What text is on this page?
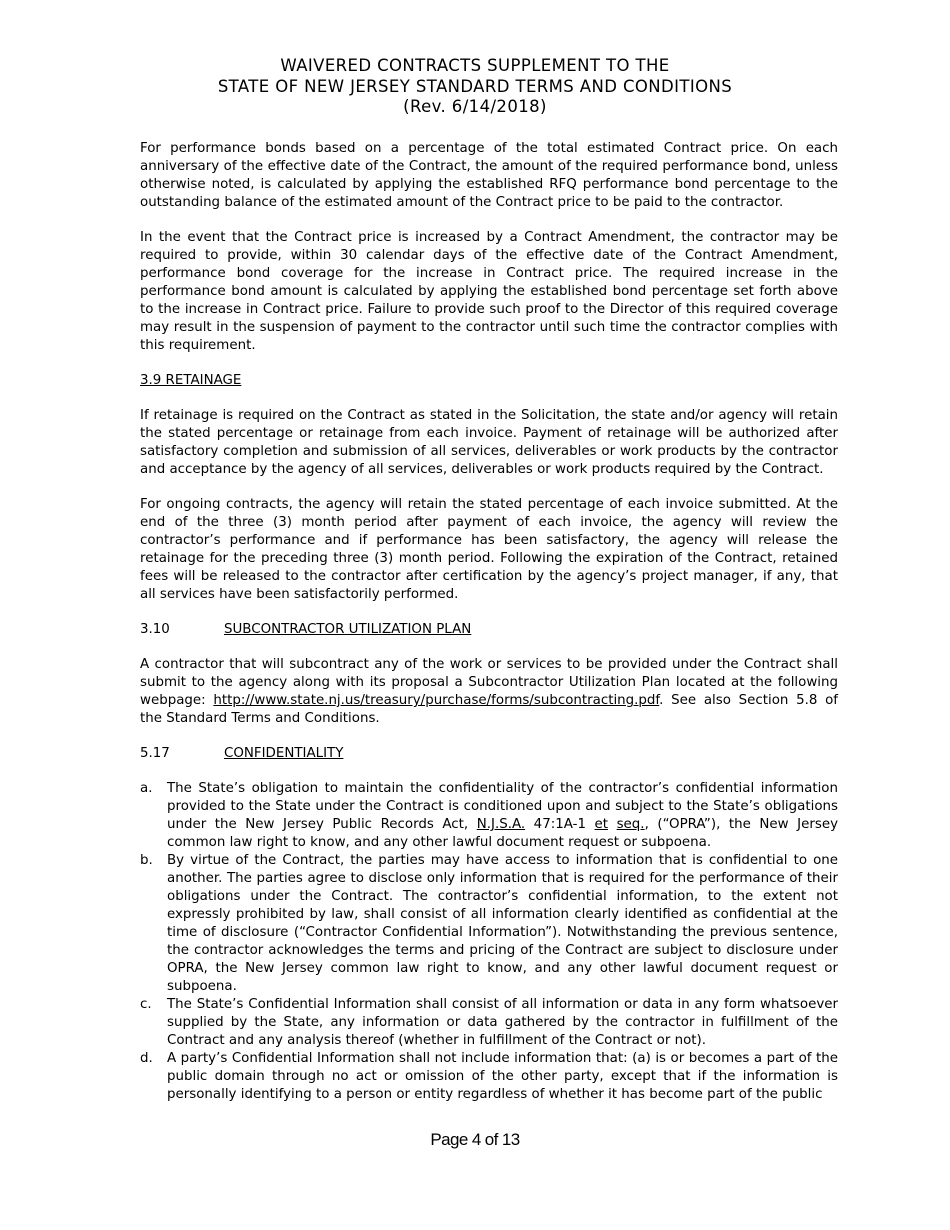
WAIVERED CONTRACTS SUPPLEMENT TO THE
STATE OF NEW JERSEY STANDARD TERMS AND CONDITIONS
(Rev. 6/14/2018)

For performance bonds based on a percentage of the total estimated Contract price. On each anniversary of the effective date of the Contract, the amount of the required performance bond, unless otherwise noted, is calculated by applying the established RFQ performance bond percentage to the outstanding balance of the estimated amount of the Contract price to be paid to the contractor.

In the event that the Contract price is increased by a Contract Amendment, the contractor may be required to provide, within 30 calendar days of the effective date of the Contract Amendment, performance bond coverage for the increase in Contract price. The required increase in the performance bond amount is calculated by applying the established bond percentage set forth above to the increase in Contract price. Failure to provide such proof to the Director of this required coverage may result in the suspension of payment to the contractor until such time the contractor complies with this requirement.

3.9 RETAINAGE

If retainage is required on the Contract as stated in the Solicitation, the state and/or agency will retain the stated percentage or retainage from each invoice. Payment of retainage will be authorized after satisfactory completion and submission of all services, deliverables or work products by the contractor and acceptance by the agency of all services, deliverables or work products required by the Contract.

For ongoing contracts, the agency will retain the stated percentage of each invoice submitted. At the end of the three (3) month period after payment of each invoice, the agency will review the contractor’s performance and if performance has been satisfactory, the agency will release the retainage for the preceding three (3) month period. Following the expiration of the Contract, retained fees will be released to the contractor after certification by the agency’s project manager, if any, that all services have been satisfactorily performed.

3.10	SUBCONTRACTOR UTILIZATION PLAN

A contractor that will subcontract any of the work or services to be provided under the Contract shall submit to the agency along with its proposal a Subcontractor Utilization Plan located at the following webpage: http://www.state.nj.us/treasury/purchase/forms/subcontracting.pdf. See also Section 5.8 of the Standard Terms and Conditions.

5.17	CONFIDENTIALITY
a. The State’s obligation to maintain the confidentiality of the contractor’s confidential information provided to the State under the Contract is conditioned upon and subject to the State’s obligations under the New Jersey Public Records Act, N.J.S.A. 47:1A-1 et seq., (“OPRA”), the New Jersey common law right to know, and any other lawful document request or subpoena.
b. By virtue of the Contract, the parties may have access to information that is confidential to one another. The parties agree to disclose only information that is required for the performance of their obligations under the Contract. The contractor’s confidential information, to the extent not expressly prohibited by law, shall consist of all information clearly identified as confidential at the time of disclosure (“Contractor Confidential Information”). Notwithstanding the previous sentence, the contractor acknowledges the terms and pricing of the Contract are subject to disclosure under OPRA, the New Jersey common law right to know, and any other lawful document request or subpoena.
c. The State’s Confidential Information shall consist of all information or data in any form whatsoever supplied by the State, any information or data gathered by the contractor in fulfillment of the Contract and any analysis thereof (whether in fulfillment of the Contract or not).
d. A party’s Confidential Information shall not include information that: (a) is or becomes a part of the public domain through no act or omission of the other party, except that if the information is personally identifying to a person or entity regardless of whether it has become part of the public
Page 4 of 13
